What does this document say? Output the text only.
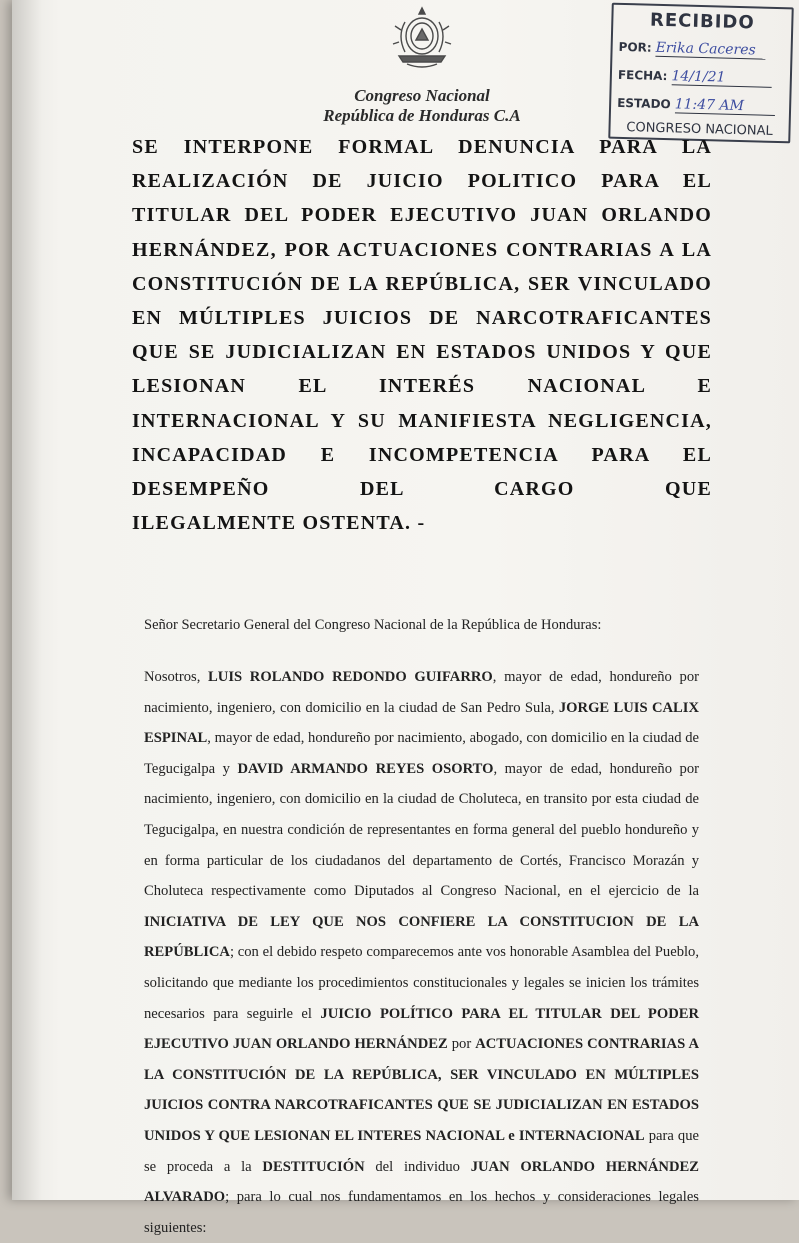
Congreso Nacional
República de Honduras C.A
RECIBIDO
POR: Erika Caceres
FECHA: 14/1/21
ESTADO 11:47 AM
CONGRESO NACIONAL
SE INTERPONE FORMAL DENUNCIA PARA LA REALIZACIÓN DE JUICIO POLITICO PARA EL TITULAR DEL PODER EJECUTIVO JUAN ORLANDO HERNÁNDEZ, POR ACTUACIONES CONTRARIAS A LA CONSTITUCIÓN DE LA REPÚBLICA, SER VINCULADO EN MÚLTIPLES JUICIOS DE NARCOTRAFICANTES QUE SE JUDICIALIZAN EN ESTADOS UNIDOS Y QUE LESIONAN EL INTERÉS NACIONAL E INTERNACIONAL Y SU MANIFIESTA NEGLIGENCIA, INCAPACIDAD E INCOMPETENCIA PARA EL DESEMPEÑO DEL CARGO QUE
ILEGALMENTE OSTENTA. -
Señor Secretario General del Congreso Nacional de la República de Honduras:
Nosotros, LUIS ROLANDO REDONDO GUIFARRO, mayor de edad, hondureño por nacimiento, ingeniero, con domicilio en la ciudad de San Pedro Sula, JORGE LUIS CALIX ESPINAL, mayor de edad, hondureño por nacimiento, abogado, con domicilio en la ciudad de Tegucigalpa y DAVID ARMANDO REYES OSORTO, mayor de edad, hondureño por nacimiento, ingeniero, con domicilio en la ciudad de Choluteca, en transito por esta ciudad de Tegucigalpa, en nuestra condición de representantes en forma general del pueblo hondureño y en forma particular de los ciudadanos del departamento de Cortés, Francisco Morazán y Choluteca respectivamente como Diputados al Congreso Nacional, en el ejercicio de la INICIATIVA DE LEY QUE NOS CONFIERE LA CONSTITUCION DE LA REPÚBLICA; con el debido respeto comparecemos ante vos honorable Asamblea del Pueblo, solicitando que mediante los procedimientos constitucionales y legales se inicien los trámites necesarios para seguirle el JUICIO POLÍTICO PARA EL TITULAR DEL PODER EJECUTIVO JUAN ORLANDO HERNÁNDEZ por ACTUACIONES CONTRARIAS A LA CONSTITUCIÓN DE LA REPÚBLICA, SER VINCULADO EN MÚLTIPLES JUICIOS CONTRA NARCOTRAFICANTES QUE SE JUDICIALIZAN EN ESTADOS UNIDOS Y QUE LESIONAN EL INTERES NACIONAL e INTERNACIONAL para que se proceda a la DESTITUCIÓN del individuo JUAN ORLANDO HERNÁNDEZ ALVARADO; para lo cual nos fundamentamos en los hechos y consideraciones legales siguientes:
